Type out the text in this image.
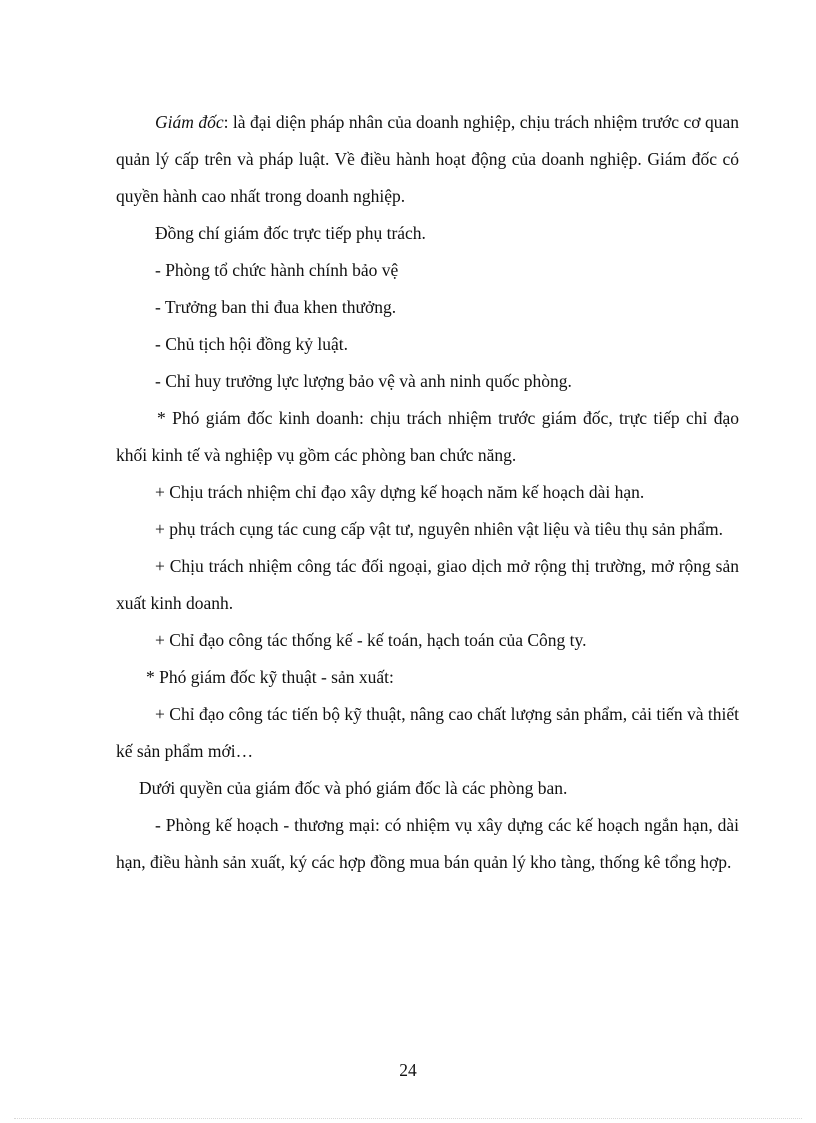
Giám đốc: là đại diện pháp nhân của doanh nghiệp, chịu trách nhiệm trước cơ quan quản lý cấp trên và pháp luật. Về điều hành hoạt động của doanh nghiệp. Giám đốc có quyền hành cao nhất trong doanh nghiệp.

Đồng chí giám đốc trực tiếp phụ trách.

- Phòng tổ chức hành chính bảo vệ

- Trưởng ban thi đua khen thưởng.

- Chủ tịch hội đồng kỷ luật.

- Chỉ huy trưởng lực lượng bảo vệ và anh ninh quốc phòng.

* Phó giám đốc kinh doanh: chịu trách nhiệm trước giám đốc, trực tiếp chỉ đạo khối kinh tế và nghiệp vụ gồm các phòng ban chức năng.

+ Chịu trách nhiệm chỉ đạo xây dựng kế hoạch năm kế hoạch dài hạn.

+ phụ trách cụng tác cung cấp vật tư, nguyên nhiên vật liệu và tiêu thụ sản phẩm.

+ Chịu trách nhiệm công tác đối ngoại, giao dịch mở rộng thị trường, mở rộng sản xuất kinh doanh.

+ Chỉ đạo công tác thống kế - kế toán, hạch toán của Công ty.

* Phó giám đốc kỹ thuật - sản xuất:

+ Chỉ đạo công tác tiến bộ kỹ thuật, nâng cao chất lượng sản phẩm, cải tiến và thiết kế sản phẩm mới…

Dưới quyền của giám đốc và phó giám đốc là các phòng ban.

- Phòng kế hoạch - thương mại: có nhiệm vụ xây dựng các kế hoạch ngắn hạn, dài hạn, điều hành sản xuất, ký các hợp đồng mua bán quản lý kho tàng, thống kê tổng hợp.

24
